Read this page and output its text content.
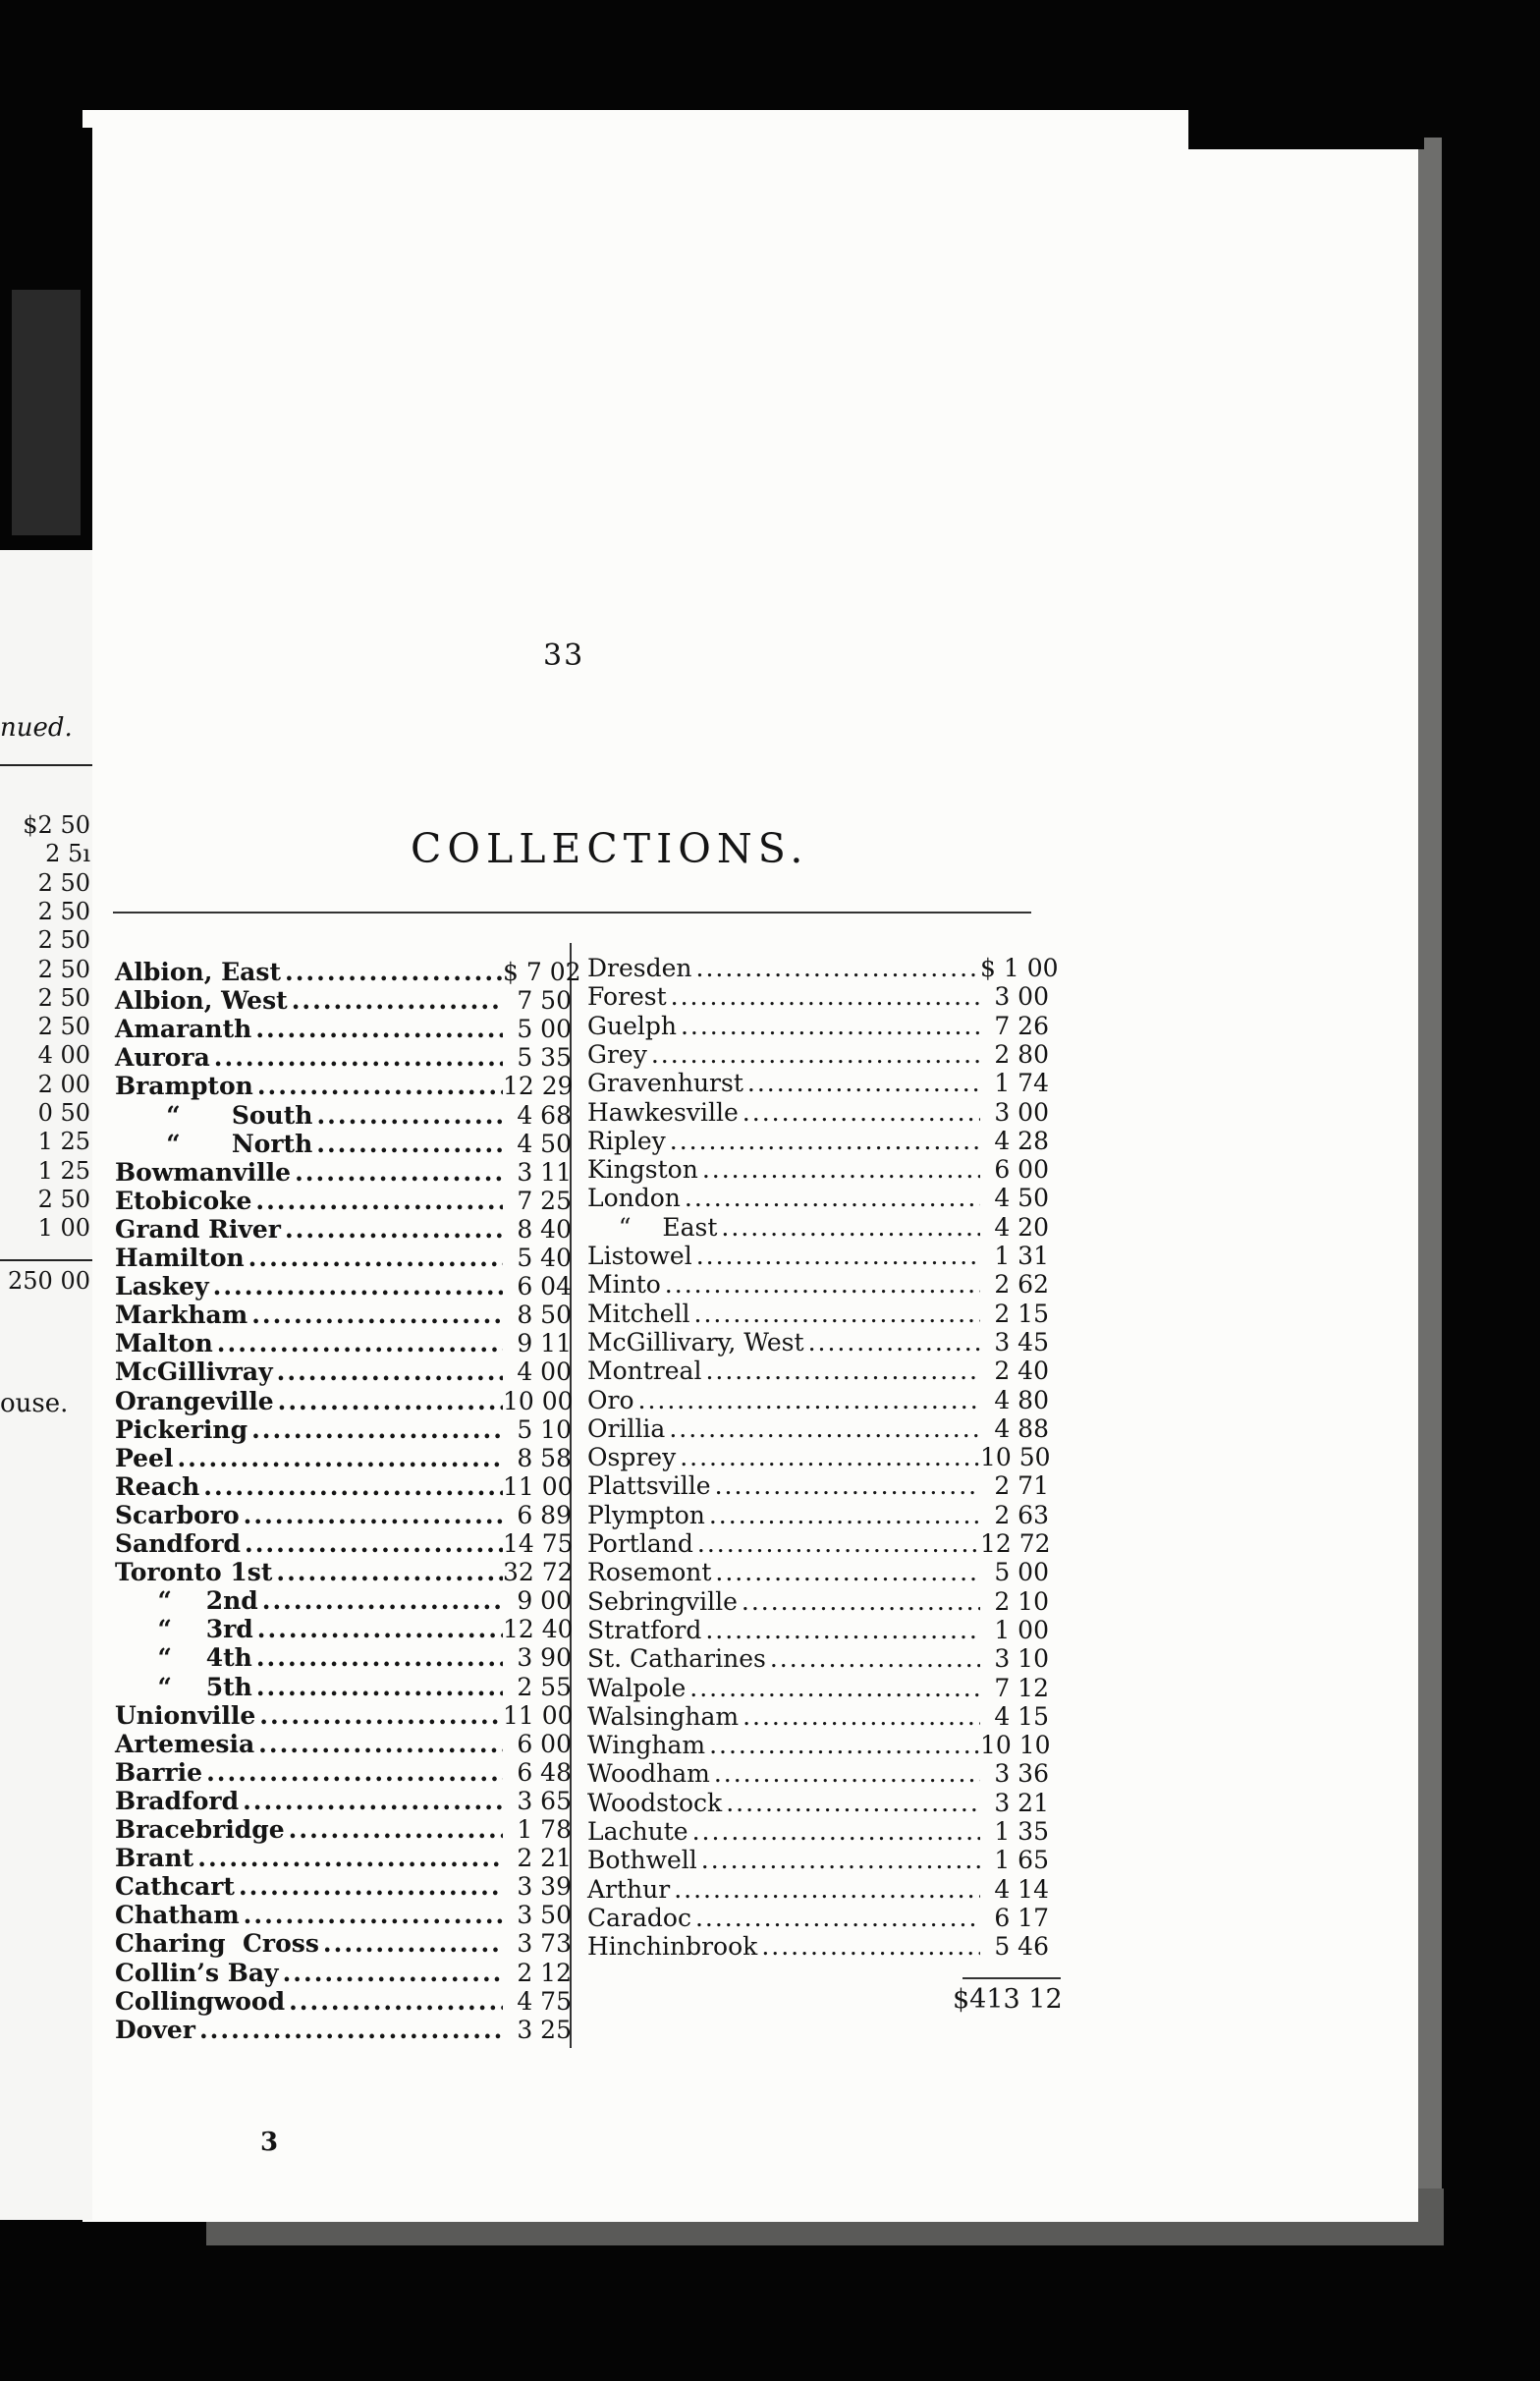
nued.
$2 50
2 5ı
2 50
2 50
2 50
2 50
2 50
2 50
4 00
2 00
0 50
1 25
1 25
2 50
1 00
250 00
ouse.
33
COLLECTIONS.
Albion, East .....	$ 7 02
Albion, West .....	7 50
Amaranth .....	5 00
Aurora .....	5 35
Brampton .....	12 29
“      South .....	4 68
“      North .....	4 50
Bowmanville .....	3 11
Etobicoke .....	7 25
Grand River .....	8 40
Hamilton .....	5 40
Laskey .....	6 04
Markham .....	8 50
Malton .....	9 11
McGillivray .....	4 00
Orangeville .....	10 00
Pickering .....	5 10
Peel .....	8 58
Reach .....	11 00
Scarboro .....	6 89
Sandford .....	14 75
Toronto 1st .....	32 72
“    2nd .....	9 00
“    3rd .....	12 40
“    4th .....	3 90
“    5th .....	2 55
Unionville .....	11 00
Artemesia .....	6 00
Barrie .....	6 48
Bradford .....	3 65
Bracebridge .....	1 78
Brant .....	2 21
Cathcart .....	3 39
Chatham .....	3 50
Charing  Cross .....	3 73
Collin’s Bay .....	2 12
Collingwood .....	4 75
Dover .....	3 25
Dresden .....	$ 1 00
Forest .....	3 00
Guelph .....	7 26
Grey .....	2 80
Gravenhurst .....	1 74
Hawkesville .....	3 00
Ripley .....	4 28
Kingston .....	6 00
London .....	4 50
“    East .....	4 20
Listowel .....	1 31
Minto .....	2 62
Mitchell .....	2 15
McGillivary, West .....	3 45
Montreal .....	2 40
Oro .....	4 80
Orillia .....	4 88
Osprey .....	10 50
Plattsville .....	2 71
Plympton .....	2 63
Portland .....	12 72
Rosemont .....	5 00
Sebringville .....	2 10
Stratford .....	1 00
St. Catharines .....	3 10
Walpole .....	7 12
Walsingham .....	4 15
Wingham .....	10 10
Woodham .....	3 36
Woodstock .....	3 21
Lachute .....	1 35
Bothwell .....	1 65
Arthur .....	4 14
Caradoc .....	6 17
Hinchinbrook .....	5 46
$413 12
3
